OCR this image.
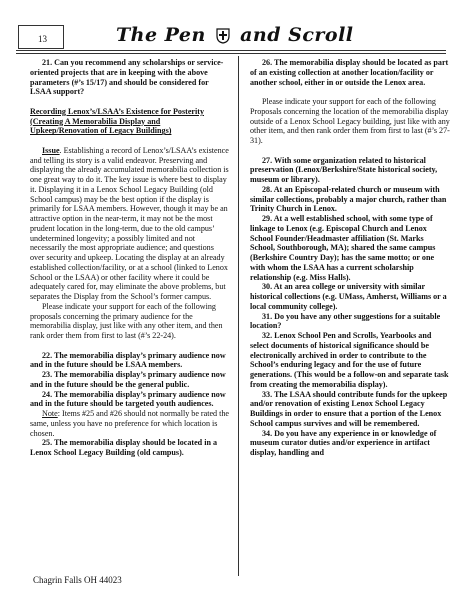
13	The Pen and Scroll

21. Can you recommend any scholarships or service-oriented projects that are in keeping with the above parameters (#’s 15/17) and should be considered for LSAA support?

Recording Lenox’s/LSAA’s Existence for Posterity (Creating A Memorabilia Display and Upkeep/Renovation of Legacy Buildings)

Issue. Establishing a record of Lenox’s/LSAA’s existence and telling its story is a valid endeavor. Preserving and displaying the already accumulated memorabilia collection is one great way to do it. The key issue is where best to display it. Displaying it in a Lenox School Legacy Building (old School campus) may be the best option if the display is primarily for LSAA members. However, though it may be an attractive option in the near-term, it may not be the most prudent location in the long-term, due to the old campus’ undetermined longevity; a possibly limited and not necessarily the most appropriate audience; and questions over security and upkeep. Locating the display at an already established collection/facility, or at a school (linked to Lenox School or the LSAA) or other facility where it could be adequately cared for, may eliminate the above problems, but separates the Display from the School’s former campus.

Please indicate your support for each of the following proposals concerning the primary audience for the memorabilia display, just like with any other item, and then rank order them from first to last (#’s 22-24).

22. The memorabilia display’s primary audience now and in the future should be LSAA members.

23. The memorabilia display’s primary audience now and in the future should be the general public.

24. The memorabilia display’s primary audience now and in the future should be targeted youth audiences.

Note: Items #25 and #26 should not normally be rated the same, unless you have no preference for which location is chosen.

25. The memorabilia display should be located in a Lenox School Legacy Building (old campus).

26. The memorabilia display should be located as part of an existing collection at another location/facility or another school, either in or outside the Lenox area.

Please indicate your support for each of the following Proposals concerning the location of the memorabilia display outside of a Lenox School Legacy building, just like with any other item, and then rank order them from first to last (#’s 27-31).

27. With some organization related to historical preservation (Lenox/Berkshire/State historical society, museum or library).

28. At an Episcopal-related church or museum with similar collections, probably a major church, rather than Trinity Church in Lenox.

29. At a well established school, with some type of linkage to Lenox (e.g. Episcopal Church and Lenox School Founder/Headmaster affiliation (St. Marks School, Southborough, MA); shared the same campus (Berkshire Country Day); has the same motto; or one with whom the LSAA has a current scholarship relationship (e.g. Miss Halls).

30. At an area college or university with similar historical collections (e.g. UMass, Amherst, Williams or a local community college).

31. Do you have any other suggestions for a suitable location?

32. Lenox School Pen and Scrolls, Yearbooks and select documents of historical significance should be electronically archived in order to contribute to the School’s enduring legacy and for the use of future generations. (This would be a follow-on and separate task from creating the memorabilia display).

33. The LSAA should contribute funds for the upkeep and/or renovation of existing Lenox School Legacy Buildings in order to ensure that a portion of the Lenox School campus survives and will be remembered.

34. Do you have any experience in or knowledge of museum curator duties and/or experience in artifact display, handling and

Chagrin Falls OH 44023
